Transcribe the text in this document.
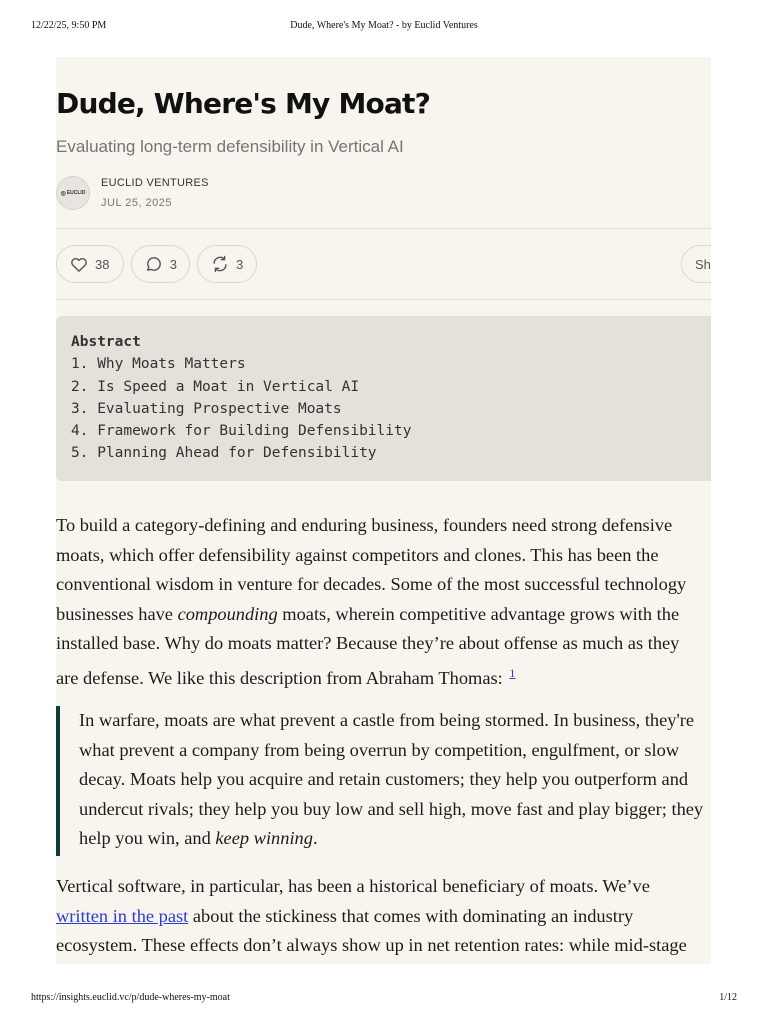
12/22/25, 9:50 PM	Dude, Where's My Moat? - by Euclid Ventures
Dude, Where's My Moat?

Evaluating long-term defensibility in Vertical AI

◎ EUCLID
EUCLID VENTURES
JUL 25, 2025
38	3	3	Sh
Abstract
1. Why Moats Matters
2. Is Speed a Moat in Vertical AI
3. Evaluating Prospective Moats
4. Framework for Building Defensibility
5. Planning Ahead for Defensibility

To build a category-defining and enduring business, founders need strong defensive
moats, which offer defensibility against competitors and clones. This has been the
conventional wisdom in venture for decades. Some of the most successful technology
businesses have compounding moats, wherein competitive advantage grows with the
installed base. Why do moats matter? Because they’re about offense as much as they
are defense. We like this description from Abraham Thomas: $^1$

In warfare, moats are what prevent a castle from being stormed. In business, they're
what prevent a company from being overrun by competition, engulfment, or slow
decay. Moats help you acquire and retain customers; they help you outperform and
undercut rivals; they help you buy low and sell high, move fast and play bigger; they
help you win, and keep winning.

Vertical software, in particular, has been a historical beneficiary of moats. We’ve
written in the past about the stickiness that comes with dominating an industry
ecosystem. These effects don’t always show up in net retention rates: while mid-stage

https://insights.euclid.vc/p/dude-wheres-my-moat	1/12
